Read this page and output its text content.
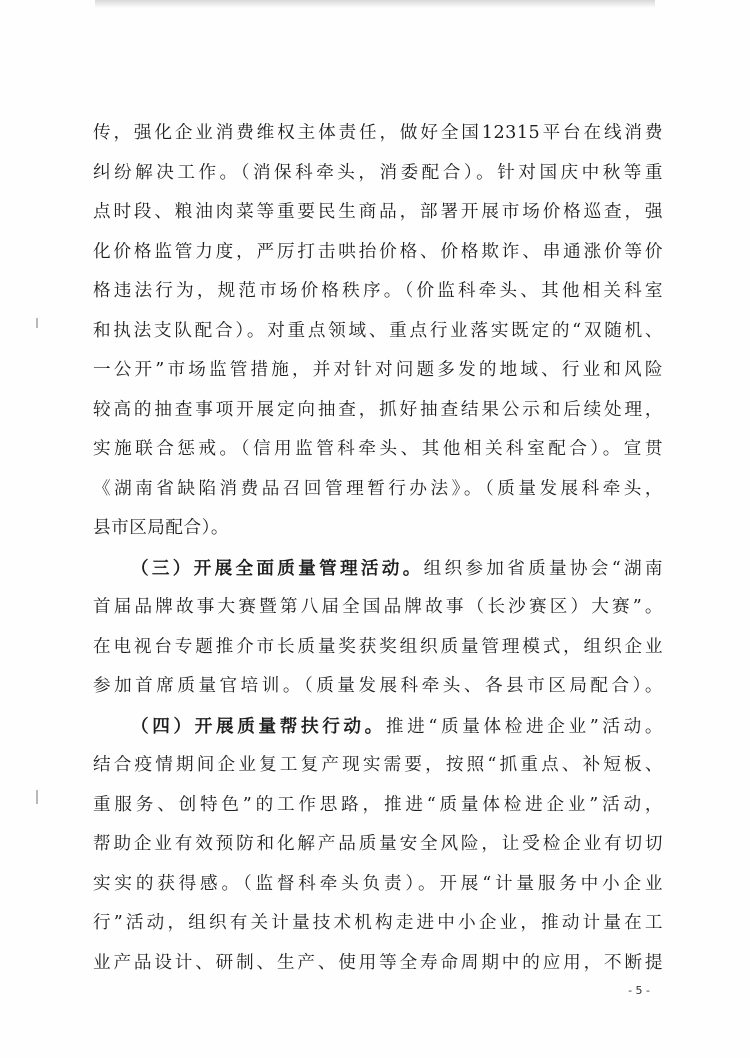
传，强化企业消费维权主体责任，做好全国12315平台在线消费
纠纷解决工作。（消保科牵头，消委配合）。针对国庆中秋等重
点时段、粮油肉菜等重要民生商品，部署开展市场价格巡查，强
化价格监管力度，严厉打击哄抬价格、价格欺诈、串通涨价等价
格违法行为，规范市场价格秩序。（价监科牵头、其他相关科室
和执法支队配合）。对重点领域、重点行业落实既定的“双随机、
一公开”市场监管措施，并对针对问题多发的地域、行业和风险
较高的抽查事项开展定向抽查，抓好抽查结果公示和后续处理，
实施联合惩戒。（信用监管科牵头、其他相关科室配合）。宣贯
《湖南省缺陷消费品召回管理暂行办法》。（质量发展科牵头，
县市区局配合）。
（三）开展全面质量管理活动。组织参加省质量协会“湖南
首届品牌故事大赛暨第八届全国品牌故事（长沙赛区）大赛”。
在电视台专题推介市长质量奖获奖组织质量管理模式，组织企业
参加首席质量官培训。（质量发展科牵头、各县市区局配合）。
（四）开展质量帮扶行动。推进“质量体检进企业”活动。
结合疫情期间企业复工复产现实需要，按照“抓重点、补短板、
重服务、创特色”的工作思路，推进“质量体检进企业”活动，
帮助企业有效预防和化解产品质量安全风险，让受检企业有切切
实实的获得感。（监督科牵头负责）。开展“计量服务中小企业
行”活动，组织有关计量技术机构走进中小企业，推动计量在工
业产品设计、研制、生产、使用等全寿命周期中的应用，不断提
- 5 -
